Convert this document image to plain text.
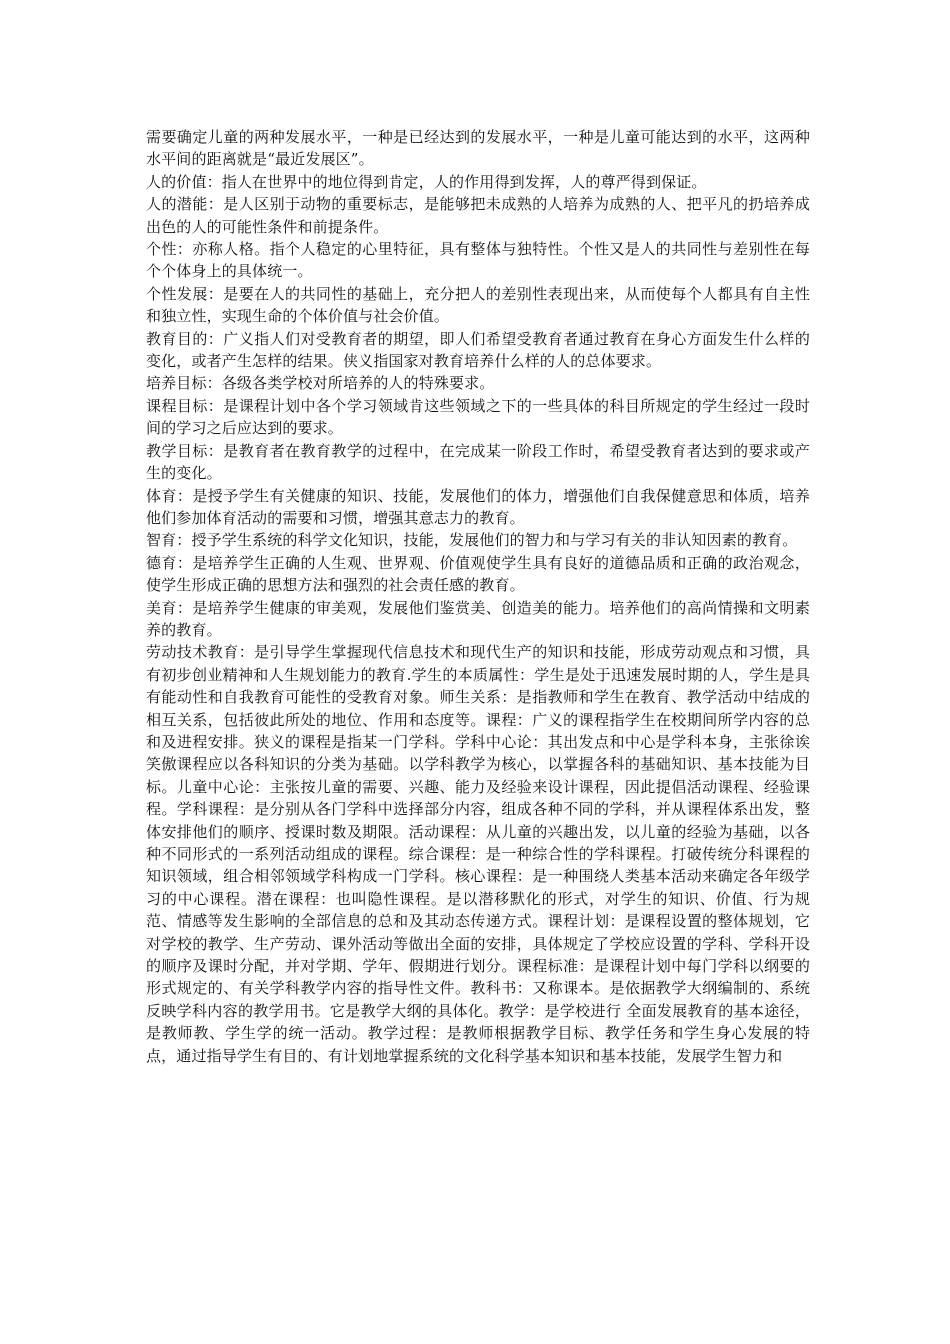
需要确定儿童的两种发展水平，一种是已经达到的发展水平，一种是儿童可能达到的水平，这两种水平间的距离就是“最近发展区”。

人的价值：指人在世界中的地位得到肯定，人的作用得到发挥，人的尊严得到保证。

人的潜能：是人区别于动物的重要标志，是能够把未成熟的人培养为成熟的人、把平凡的扔培养成出色的人的可能性条件和前提条件。

个性：亦称人格。指个人稳定的心里特征，具有整体与独特性。个性又是人的共同性与差别性在每个个体身上的具体统一。

个性发展：是要在人的共同性的基础上，充分把人的差别性表现出来，从而使每个人都具有自主性和独立性，实现生命的个体价值与社会价值。

教育目的：广义指人们对受教育者的期望，即人们希望受教育者通过教育在身心方面发生什么样的变化，或者产生怎样的结果。侠义指国家对教育培养什么样的人的总体要求。

培养目标：各级各类学校对所培养的人的特殊要求。

课程目标：是课程计划中各个学习领域肯这些领域之下的一些具体的科目所规定的学生经过一段时间的学习之后应达到的要求。

教学目标：是教育者在教育教学的过程中，在完成某一阶段工作时，希望受教育者达到的要求或产生的变化。

体育：是授予学生有关健康的知识、技能，发展他们的体力，增强他们自我保健意思和体质，培养他们参加体育活动的需要和习惯，增强其意志力的教育。

智育：授予学生系统的科学文化知识，技能，发展他们的智力和与学习有关的非认知因素的教育。

德育：是培养学生正确的人生观、世界观、价值观使学生具有良好的道德品质和正确的政治观念，使学生形成正确的思想方法和强烈的社会责任感的教育。

美育：是培养学生健康的审美观，发展他们鉴赏美、创造美的能力。培养他们的高尚情操和文明素养的教育。

劳动技术教育：是引导学生掌握现代信息技术和现代生产的知识和技能，形成劳动观点和习惯，具有初步创业精神和人生规划能力的教育.学生的本质属性：学生是处于迅速发展时期的人，学生是具有能动性和自我教育可能性的受教育对象。师生关系：是指教师和学生在教育、教学活动中结成的相互关系，包括彼此所处的地位、作用和态度等。课程：广义的课程指学生在校期间所学内容的总和及进程安排。狭义的课程是指某一门学科。学科中心论：其出发点和中心是学科本身，主张徐诶笑傲课程应以各科知识的分类为基础。以学科教学为核心，以掌握各科的基础知识、基本技能为目标。儿童中心论：主张按儿童的需要、兴趣、能力及经验来设计课程，因此提倡活动课程、经验课程。学科课程：是分别从各门学科中选择部分内容，组成各种不同的学科，并从课程体系出发，整体安排他们的顺序、授课时数及期限。活动课程：从儿童的兴趣出发，以儿童的经验为基础，以各种不同形式的一系列活动组成的课程。综合课程：是一种综合性的学科课程。打破传统分科课程的知识领域，组合相邻领域学科构成一门学科。核心课程：是一种围绕人类基本活动来确定各年级学习的中心课程。潜在课程：也叫隐性课程。是以潜移默化的形式，对学生的知识、价值、行为规范、情感等发生影响的全部信息的总和及其动态传递方式。课程计划：是课程设置的整体规划，它对学校的教学、生产劳动、课外活动等做出全面的安排，具体规定了学校应设置的学科、学科开设的顺序及课时分配，并对学期、学年、假期进行划分。课程标准：是课程计划中每门学科以纲要的形式规定的、有关学科教学内容的指导性文件。教科书：又称课本。是依据教学大纲编制的、系统反映学科内容的教学用书。它是教学大纲的具体化。教学：是学校进行 全面发展教育的基本途径，是教师教、学生学的统一活动。教学过程：是教师根据教学目标、教学任务和学生身心发展的特点，通过指导学生有目的、有计划地掌握系统的文化科学基本知识和基本技能，发展学生智力和
